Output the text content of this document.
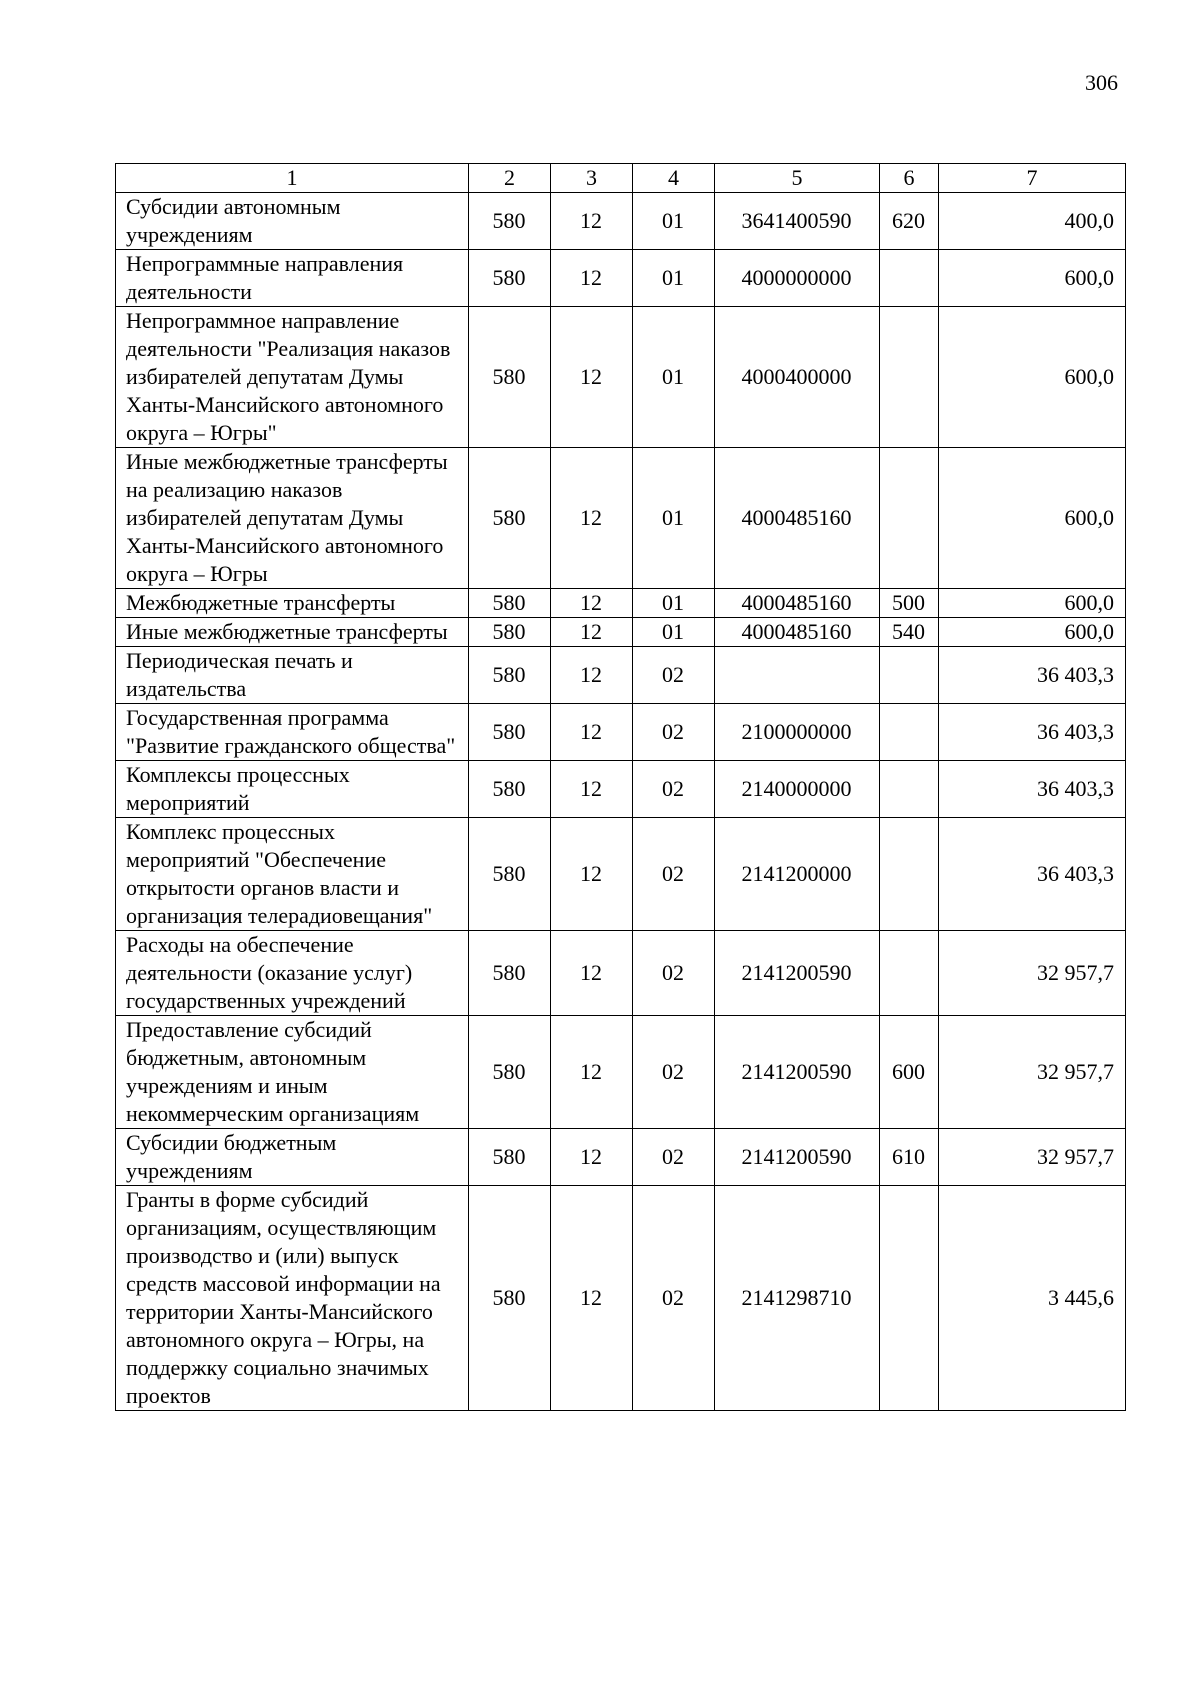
306
1	2	3	4	5	6	7
Субсидии автономным учреждениям	580	12	01	3641400590	620	400,0
Непрограммные направления деятельности	580	12	01	4000000000		600,0
Непрограммное направление деятельности "Реализация наказов избирателей депутатам Думы Ханты-Мансийского автономного округа – Югры"	580	12	01	4000400000		600,0
Иные межбюджетные трансферты на реализацию наказов избирателей депутатам Думы Ханты-Мансийского автономного округа – Югры	580	12	01	4000485160		600,0
Межбюджетные трансферты	580	12	01	4000485160	500	600,0
Иные межбюджетные трансферты	580	12	01	4000485160	540	600,0
Периодическая печать и издательства	580	12	02			36 403,3
Государственная программа "Развитие гражданского общества"	580	12	02	2100000000		36 403,3
Комплексы процессных мероприятий	580	12	02	2140000000		36 403,3
Комплекс процессных мероприятий "Обеспечение открытости органов власти и организация телерадиовещания"	580	12	02	2141200000		36 403,3
Расходы на обеспечение деятельности (оказание услуг) государственных учреждений	580	12	02	2141200590		32 957,7
Предоставление субсидий бюджетным, автономным учреждениям и иным некоммерческим организациям	580	12	02	2141200590	600	32 957,7
Субсидии бюджетным учреждениям	580	12	02	2141200590	610	32 957,7
Гранты в форме субсидий организациям, осуществляющим производство и (или) выпуск средств массовой информации на территории Ханты-Мансийского автономного округа – Югры, на поддержку социально значимых проектов	580	12	02	2141298710		3 445,6
